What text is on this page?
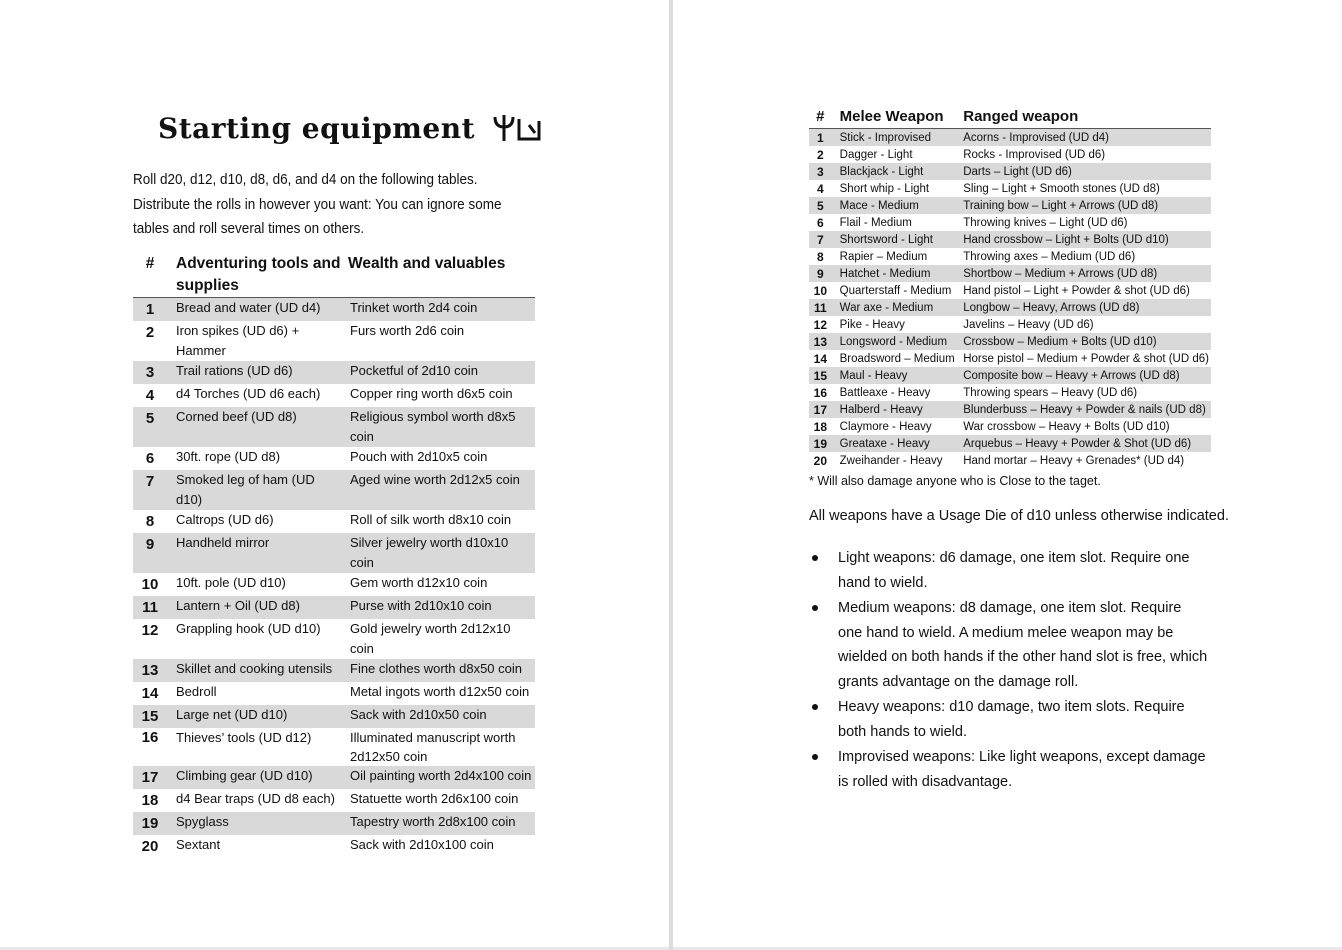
Starting equipment
Roll d20, d12, d10, d8, d6, and d4 on the following tables. Distribute the rolls in however you want: You can ignore some tables and roll several times on others.
#	Adventuring tools and supplies	Wealth and valuables
1	Bread and water (UD d4)	Trinket worth 2d4 coin
2	Iron spikes (UD d6) + Hammer	Furs worth 2d6 coin
3	Trail rations (UD d6)	Pocketful of 2d10 coin
4	d4 Torches (UD d6 each)	Copper ring worth d6x5 coin
5	Corned beef (UD d8)	Religious symbol worth d8x5 coin
6	30ft. rope (UD d8)	Pouch with 2d10x5 coin
7	Smoked leg of ham (UD d10)	Aged wine worth 2d12x5 coin
8	Caltrops (UD d6)	Roll of silk worth d8x10 coin
9	Handheld mirror	Silver jewelry worth d10x10 coin
10	10ft. pole (UD d10)	Gem worth d12x10 coin
11	Lantern + Oil (UD d8)	Purse with 2d10x10 coin
12	Grappling hook (UD d10)	Gold jewelry worth 2d12x10 coin
13	Skillet and cooking utensils	Fine clothes worth d8x50 coin
14	Bedroll	Metal ingots worth d12x50 coin
15	Large net (UD d10)	Sack with 2d10x50 coin
16	Thieves’ tools (UD d12)	Illuminated manuscript worth 2d12x50 coin
17	Climbing gear (UD d10)	Oil painting worth 2d4x100 coin
18	d4 Bear traps (UD d8 each)	Statuette worth 2d6x100 coin
19	Spyglass	Tapestry worth 2d8x100 coin
20	Sextant	Sack with 2d10x100 coin
#	Melee Weapon	Ranged weapon
1	Stick - Improvised	Acorns - Improvised (UD d4)
2	Dagger - Light	Rocks - Improvised (UD d6)
3	Blackjack - Light	Darts – Light (UD d6)
4	Short whip - Light	Sling – Light + Smooth stones (UD d8)
5	Mace - Medium	Training bow – Light + Arrows (UD d8)
6	Flail - Medium	Throwing knives – Light (UD d6)
7	Shortsword - Light	Hand crossbow – Light + Bolts (UD d10)
8	Rapier – Medium	Throwing axes – Medium (UD d6)
9	Hatchet - Medium	Shortbow – Medium + Arrows (UD d8)
10	Quarterstaff - Medium	Hand pistol – Light + Powder & shot (UD d6)
11	War axe - Medium	Longbow – Heavy, Arrows (UD d8)
12	Pike - Heavy	Javelins – Heavy (UD d6)
13	Longsword - Medium	Crossbow – Medium + Bolts (UD d10)
14	Broadsword – Medium	Horse pistol – Medium + Powder & shot (UD d6)
15	Maul - Heavy	Composite bow – Heavy + Arrows (UD d8)
16	Battleaxe - Heavy	Throwing spears – Heavy (UD d6)
17	Halberd - Heavy	Blunderbuss – Heavy + Powder & nails (UD d8)
18	Claymore - Heavy	War crossbow – Heavy + Bolts (UD d10)
19	Greataxe - Heavy	Arquebus – Heavy + Powder & Shot (UD d6)
20	Zweihander - Heavy	Hand mortar – Heavy + Grenades* (UD d4)
* Will also damage anyone who is Close to the taget.
All weapons have a Usage Die of d10 unless otherwise indicated.
Light weapons: d6 damage, one item slot. Require one hand to wield.
Medium weapons: d8 damage, one item slot. Require one hand to wield. A medium melee weapon may be wielded on both hands if the other hand slot is free, which grants advantage on the damage roll.
Heavy weapons: d10 damage, two item slots. Require both hands to wield.
Improvised weapons: Like light weapons, except damage is rolled with disadvantage.
